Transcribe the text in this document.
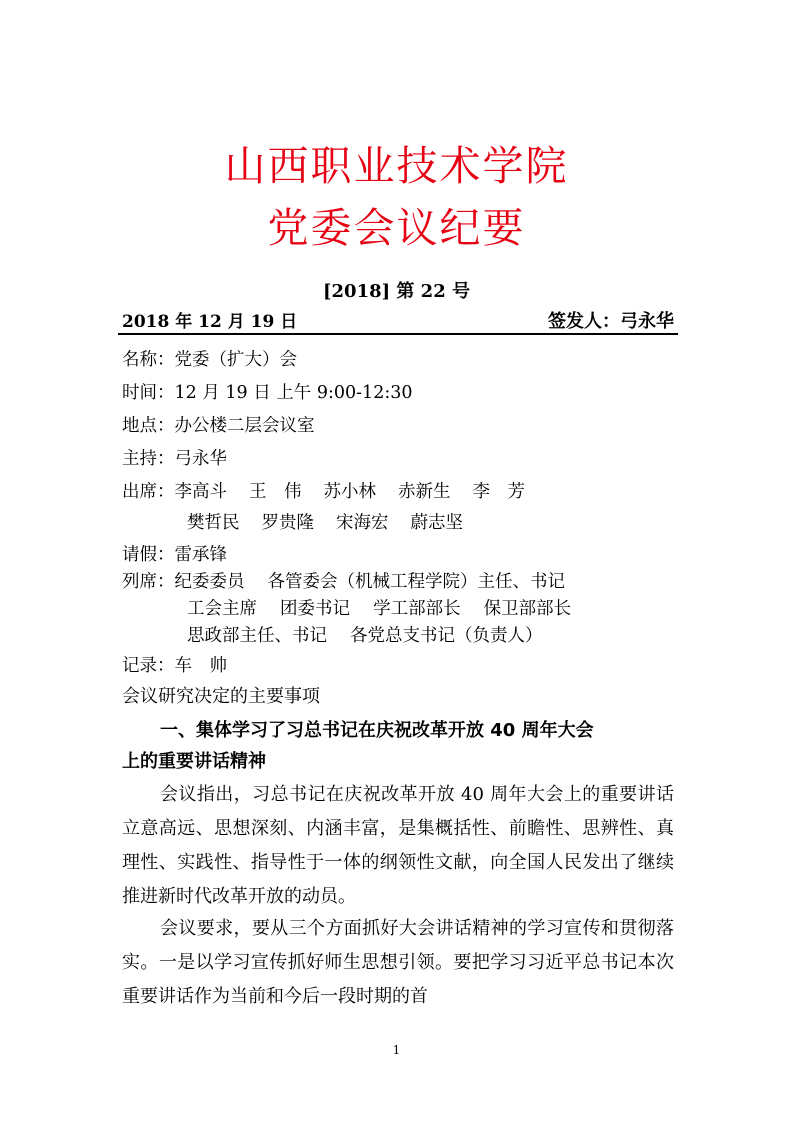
山西职业技术学院
党委会议纪要
[2018] 第 22 号
2018 年 12 月 19 日	签发人：弓永华
名称：党委（扩大）会
时间：12 月 19 日 上午 9:00-12:30
地点：办公楼二层会议室
主持：弓永华
出席：李高斗 王　伟 苏小林 赤新生 李　芳
樊哲民 罗贵隆 宋海宏 蔚志坚
请假：雷承锋
列席：纪委委员　 各管委会（机械工程学院）主任、书记
工会主席　 团委书记　 学工部部长　 保卫部部长
思政部主任、书记　 各党总支书记（负责人）
记录：车　帅
会议研究决定的主要事项
一、集体学习了习总书记在庆祝改革开放 40 周年大会
上的重要讲话精神
会议指出，习总书记在庆祝改革开放 40 周年大会上的重要讲话立意高远、思想深刻、内涵丰富，是集概括性、前瞻性、思辨性、真理性、实践性、指导性于一体的纲领性文献，向全国人民发出了继续推进新时代改革开放的动员。
会议要求，要从三个方面抓好大会讲话精神的学习宣传和贯彻落实。一是以学习宣传抓好师生思想引领。要把学习习近平总书记本次重要讲话作为当前和今后一段时期的首
1
